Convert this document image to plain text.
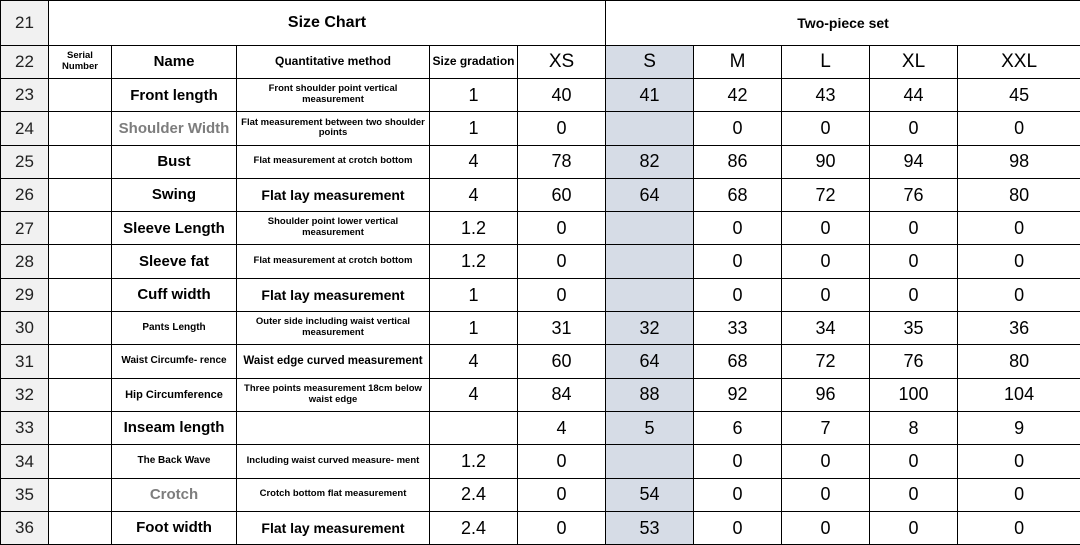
21	Size Chart					Two-piece set				
22	Serial Number	Name	Quantitative method	Size gradation	XS	S	M	L	XL	XXL
23		Front length	Front shoulder point vertical measurement	1	40	41	42	43	44	45
24		Shoulder Width	Flat measurement between two shoulder points	1	0		0	0	0	0
25		Bust	Flat measurement at crotch bottom	4	78	82	86	90	94	98
26		Swing	Flat lay measurement	4	60	64	68	72	76	80
27		Sleeve Length	Shoulder point lower vertical measurement	1.2	0		0	0	0	0
28		Sleeve fat	Flat measurement at crotch bottom	1.2	0		0	0	0	0
29		Cuff width	Flat lay measurement	1	0		0	0	0	0
30		Pants Length	Outer side including waist vertical measurement	1	31	32	33	34	35	36
31		Waist Circumfe- rence	Waist edge curved measurement	4	60	64	68	72	76	80
32		Hip Circumference	Three points measurement 18cm below waist edge	4	84	88	92	96	100	104
33		Inseam length			4	5	6	7	8	9
34		The Back Wave	Including waist curved measure- ment	1.2	0		0	0	0	0
35		Crotch	Crotch bottom flat measurement	2.4	0	54	0	0	0	0
36		Foot width	Flat lay measurement	2.4	0	53	0	0	0	0
